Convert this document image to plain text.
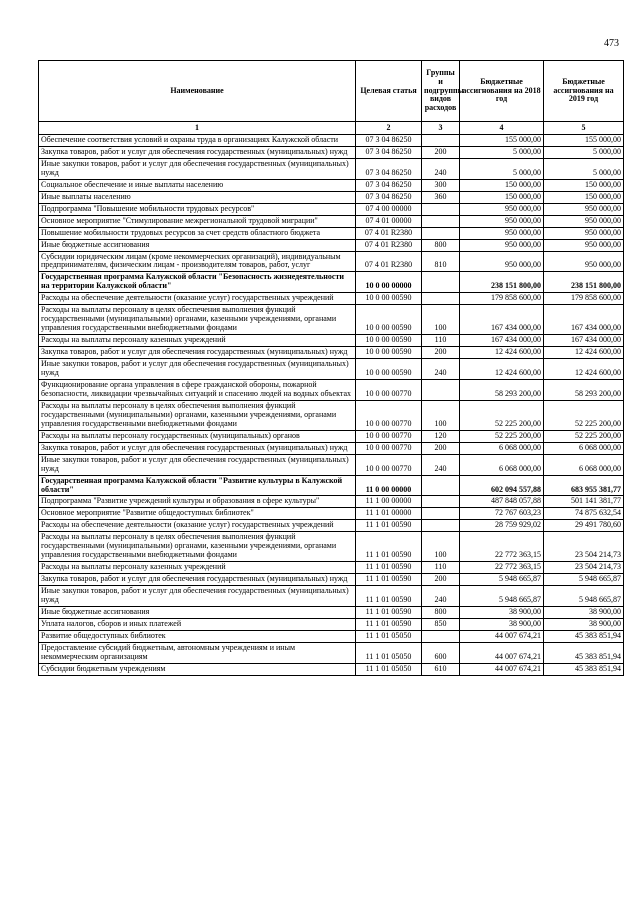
473
Наименование	Целевая статья	Группы и подгруппы видов расходов	Бюджетные ассигнования на 2018 год	Бюджетные ассигнования на 2019 год
1	2	3	4	5
Обеспечение соответствия условий и охраны труда в организациях Калужской области	07 3 04 86250		155 000,00	155 000,00
Закупка товаров, работ и услуг для обеспечения государственных (муниципальных) нужд	07 3 04 86250	200	5 000,00	5 000,00
Иные закупки товаров, работ и услуг для обеспечения государственных (муниципальных) нужд	07 3 04 86250	240	5 000,00	5 000,00
Социальное обеспечение и иные выплаты населению	07 3 04 86250	300	150 000,00	150 000,00
Иные выплаты населению	07 3 04 86250	360	150 000,00	150 000,00
Подпрограмма "Повышение мобильности трудовых ресурсов"	07 4 00 00000		950 000,00	950 000,00
Основное мероприятие "Стимулирование межрегиональной трудовой миграции"	07 4 01 00000		950 000,00	950 000,00
Повышение мобильности трудовых ресурсов за счет средств областного бюджета	07 4 01 R2380		950 000,00	950 000,00
Иные бюджетные ассигнования	07 4 01 R2380	800	950 000,00	950 000,00
Субсидии юридическим лицам (кроме некоммерческих организаций), индивидуальным предпринимателям, физическим лицам - производителям товаров, работ, услуг	07 4 01 R2380	810	950 000,00	950 000,00
Государственная программа Калужской области "Безопасность жизнедеятельности на территории Калужской области"	10 0 00 00000		238 151 800,00	238 151 800,00
Расходы на обеспечение деятельности (оказание услуг) государственных учреждений	10 0 00 00590		179 858 600,00	179 858 600,00
Расходы на выплаты персоналу в целях обеспечения выполнения функций государственными (муниципальными) органами, казенными учреждениями, органами управления государственными внебюджетными фондами	10 0 00 00590	100	167 434 000,00	167 434 000,00
Расходы на выплаты персоналу казенных учреждений	10 0 00 00590	110	167 434 000,00	167 434 000,00
Закупка товаров, работ и услуг для обеспечения государственных (муниципальных) нужд	10 0 00 00590	200	12 424 600,00	12 424 600,00
Иные закупки товаров, работ и услуг для обеспечения государственных (муниципальных) нужд	10 0 00 00590	240	12 424 600,00	12 424 600,00
Функционирование органа управления в сфере гражданской обороны, пожарной безопасности, ликвидации чрезвычайных ситуаций и спасению людей на водных объектах	10 0 00 00770		58 293 200,00	58 293 200,00
Расходы на выплаты персоналу в целях обеспечения выполнения функций государственными (муниципальными) органами, казенными учреждениями, органами управления государственными внебюджетными фондами	10 0 00 00770	100	52 225 200,00	52 225 200,00
Расходы на выплаты персоналу государственных (муниципальных) органов	10 0 00 00770	120	52 225 200,00	52 225 200,00
Закупка товаров, работ и услуг для обеспечения государственных (муниципальных) нужд	10 0 00 00770	200	6 068 000,00	6 068 000,00
Иные закупки товаров, работ и услуг для обеспечения государственных (муниципальных) нужд	10 0 00 00770	240	6 068 000,00	6 068 000,00
Государственная программа Калужской области "Развитие культуры в Калужской области"	11 0 00 00000		602 094 557,88	683 955 381,77
Подпрограмма "Развитие учреждений культуры и образования в сфере культуры"	11 1 00 00000		487 848 057,88	501 141 381,77
Основное мероприятие "Развитие общедоступных библиотек"	11 1 01 00000		72 767 603,23	74 875 632,54
Расходы на обеспечение деятельности (оказание услуг) государственных учреждений	11 1 01 00590		28 759 929,02	29 491 780,60
Расходы на выплаты персоналу в целях обеспечения выполнения функций государственными (муниципальными) органами, казенными учреждениями, органами управления государственными внебюджетными фондами	11 1 01 00590	100	22 772 363,15	23 504 214,73
Расходы на выплаты персоналу казенных учреждений	11 1 01 00590	110	22 772 363,15	23 504 214,73
Закупка товаров, работ и услуг для обеспечения государственных (муниципальных) нужд	11 1 01 00590	200	5 948 665,87	5 948 665,87
Иные закупки товаров, работ и услуг для обеспечения государственных (муниципальных) нужд	11 1 01 00590	240	5 948 665,87	5 948 665,87
Иные бюджетные ассигнования	11 1 01 00590	800	38 900,00	38 900,00
Уплата налогов, сборов и иных платежей	11 1 01 00590	850	38 900,00	38 900,00
Развитие общедоступных библиотек	11 1 01 05050		44 007 674,21	45 383 851,94
Предоставление субсидий бюджетным, автономным учреждениям и иным некоммерческим организациям	11 1 01 05050	600	44 007 674,21	45 383 851,94
Субсидии бюджетным учреждениям	11 1 01 05050	610	44 007 674,21	45 383 851,94
